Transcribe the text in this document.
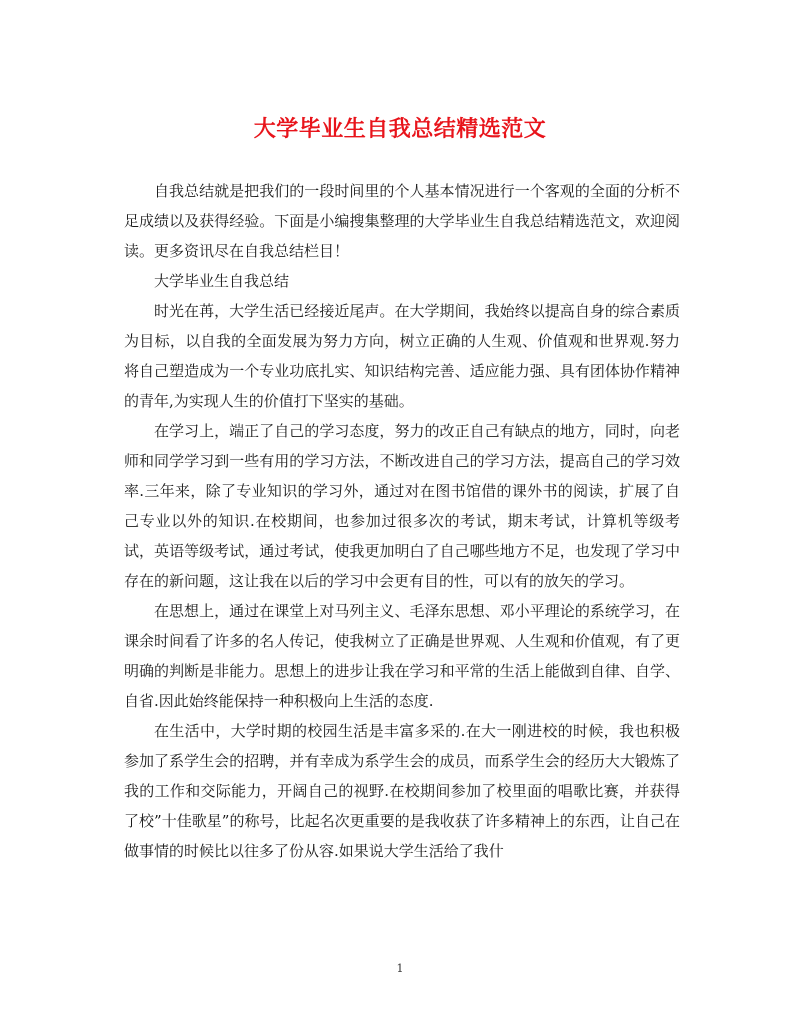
大学毕业生自我总结精选范文

自我总结就是把我们的一段时间里的个人基本情况进行一个客观的全面的分析不足成绩以及获得经验。下面是小编搜集整理的大学毕业生自我总结精选范文，欢迎阅读。更多资讯尽在自我总结栏目！

大学毕业生自我总结

时光在苒，大学生活已经接近尾声。在大学期间，我始终以提高自身的综合素质为目标，以自我的全面发展为努力方向，树立正确的人生观、价值观和世界观.努力将自己塑造成为一个专业功底扎实、知识结构完善、适应能力强、具有团体协作精神的青年,为实现人生的价值打下坚实的基础。

在学习上，端正了自己的学习态度，努力的改正自己有缺点的地方，同时，向老师和同学学习到一些有用的学习方法，不断改进自己的学习方法，提高自己的学习效率.三年来，除了专业知识的学习外，通过对在图书馆借的课外书的阅读，扩展了自己专业以外的知识.在校期间，也参加过很多次的考试，期末考试，计算机等级考试，英语等级考试，通过考试，使我更加明白了自己哪些地方不足，也发现了学习中存在的新问题，这让我在以后的学习中会更有目的性，可以有的放矢的学习。

在思想上，通过在课堂上对马列主义、毛泽东思想、邓小平理论的系统学习，在课余时间看了许多的名人传记，使我树立了正确是世界观、人生观和价值观，有了更明确的判断是非能力。思想上的进步让我在学习和平常的生活上能做到自律、自学、自省.因此始终能保持一种积极向上生活的态度.

在生活中，大学时期的校园生活是丰富多采的.在大一刚进校的时候，我也积极参加了系学生会的招聘，并有幸成为系学生会的成员，而系学生会的经历大大锻炼了我的工作和交际能力，开阔自己的视野.在校期间参加了校里面的唱歌比赛，并获得了校”十佳歌星”的称号，比起名次更重要的是我收获了许多精神上的东西，让自己在做事情的时候比以往多了份从容.如果说大学生活给了我什

1
